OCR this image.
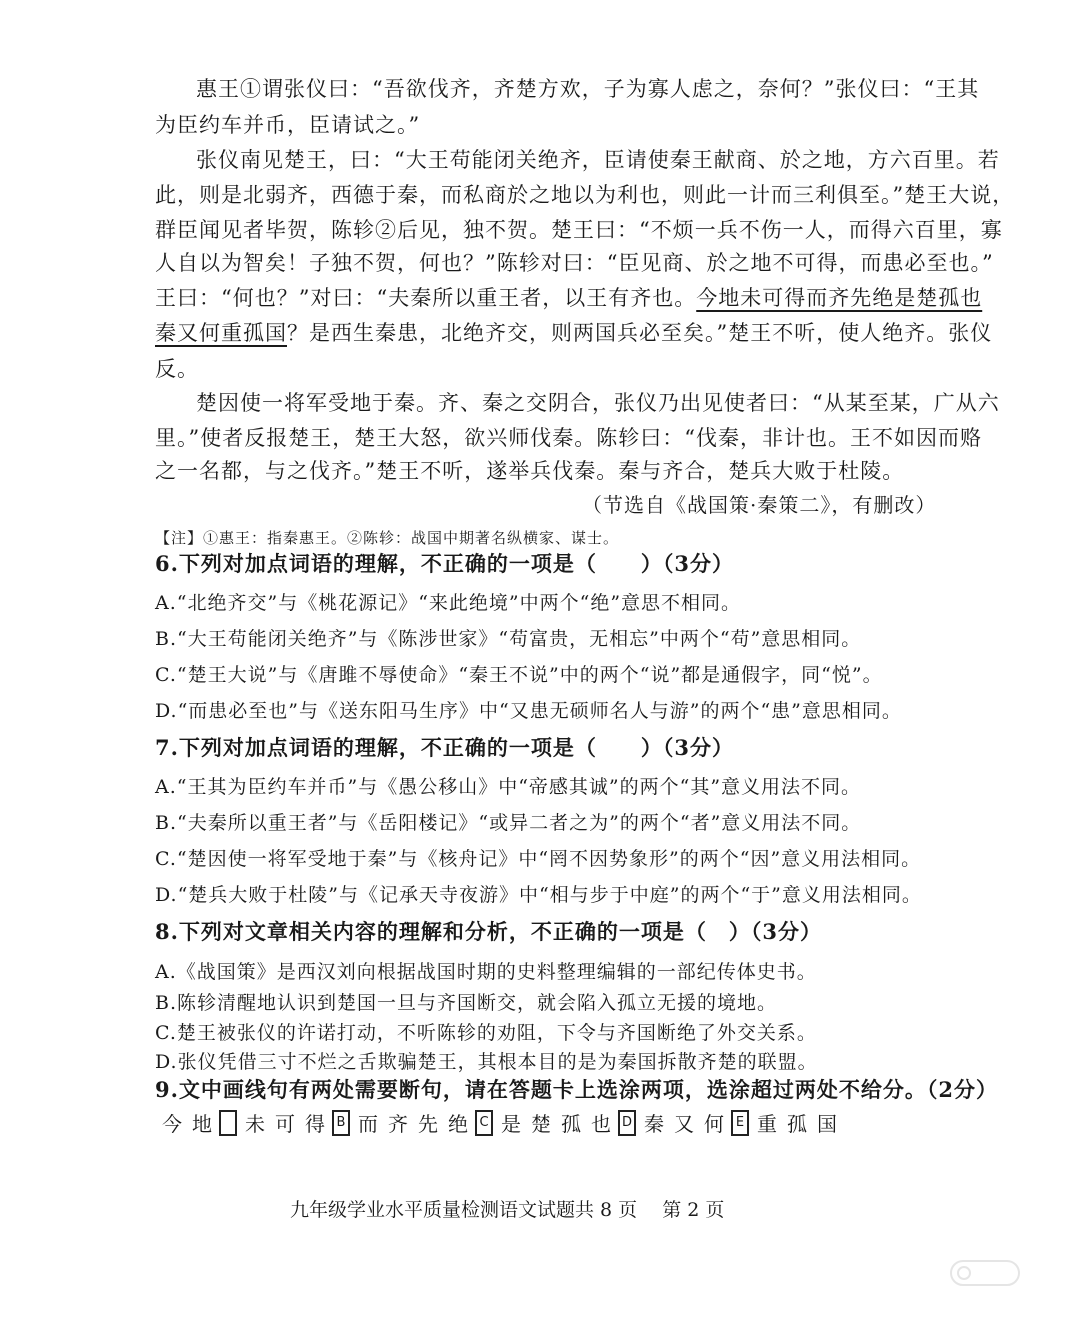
惠王①谓张仪曰：“吾欲伐齐，齐楚方欢，子为寡人虑之，奈何？”张仪曰：“王其
为臣约车并币，臣请试之。”
张仪南见楚王，曰：“大王苟能闭关绝齐，臣请使秦王献商、於之地，方六百里。若
此，则是北弱齐，西德于秦，而私商於之地以为利也，则此一计而三利俱至。”楚王大说，
群臣闻见者毕贺，陈轸②后见，独不贺。楚王曰：“不烦一兵不伤一人，而得六百里，寡
人自以为智矣！子独不贺，何也？”陈轸对曰：“臣见商、於之地不可得，而患必至也。”
王曰：“何也？”对曰：“夫秦所以重王者，以王有齐也。今地未可得而齐先绝是楚孤也
秦又何重孤国？是西生秦患，北绝齐交，则两国兵必至矣。”楚王不听，使人绝齐。张仪
反。
楚因使一将军受地于秦。齐、秦之交阴合，张仪乃出见使者曰：“从某至某，广从六
里。”使者反报楚王，楚王大怒，欲兴师伐秦。陈轸曰：“伐秦，非计也。王不如因而赂
之一名都，与之伐齐。”楚王不听，遂举兵伐秦。秦与齐合，楚兵大败于杜陵。
（节选自《战国策·秦策二》，有删改）
【注】①惠王：指秦惠王。②陈轸：战国中期著名纵横家、谋士。
6.下列对加点词语的理解，不正确的一项是（　　）（3分）
A.“北绝齐交”与《桃花源记》“来此绝境”中两个“绝”意思不相同。
B.“大王苟能闭关绝齐”与《陈涉世家》“苟富贵，无相忘”中两个“苟”意思相同。
C.“楚王大说”与《唐雎不辱使命》“秦王不说”中的两个“说”都是通假字，同“悦”。
D.“而患必至也”与《送东阳马生序》中“又患无硕师名人与游”的两个“患”意思相同。
7.下列对加点词语的理解，不正确的一项是（　　）（3分）
A.“王其为臣约车并币”与《愚公移山》中“帝感其诚”的两个“其”意义用法不同。
B.“夫秦所以重王者”与《岳阳楼记》“或异二者之为”的两个“者”意义用法不同。
C.“楚因使一将军受地于秦”与《核舟记》中“罔不因势象形”的两个“因”意义用法相同。
D.“楚兵大败于杜陵”与《记承天寺夜游》中“相与步于中庭”的两个“于”意义用法相同。
8.下列对文章相关内容的理解和分析，不正确的一项是（　）（3分）
A.《战国策》是西汉刘向根据战国时期的史料整理编辑的一部纪传体史书。
B.陈轸清醒地认识到楚国一旦与齐国断交，就会陷入孤立无援的境地。
C.楚王被张仪的许诺打动，不听陈轸的劝阻，下令与齐国断绝了外交关系。
D.张仪凭借三寸不烂之舌欺骗楚王，其根本目的是为秦国拆散齐楚的联盟。
9.文中画线句有两处需要断句，请在答题卡上选涂两项，选涂超过两处不给分。（2分）
今 地 未 可 得 B 而 齐 先 绝 C 是 楚 孤 也 D 秦 又 何 E 重 孤 国
九年级学业水平质量检测语文试题共 8 页　 第 2 页
